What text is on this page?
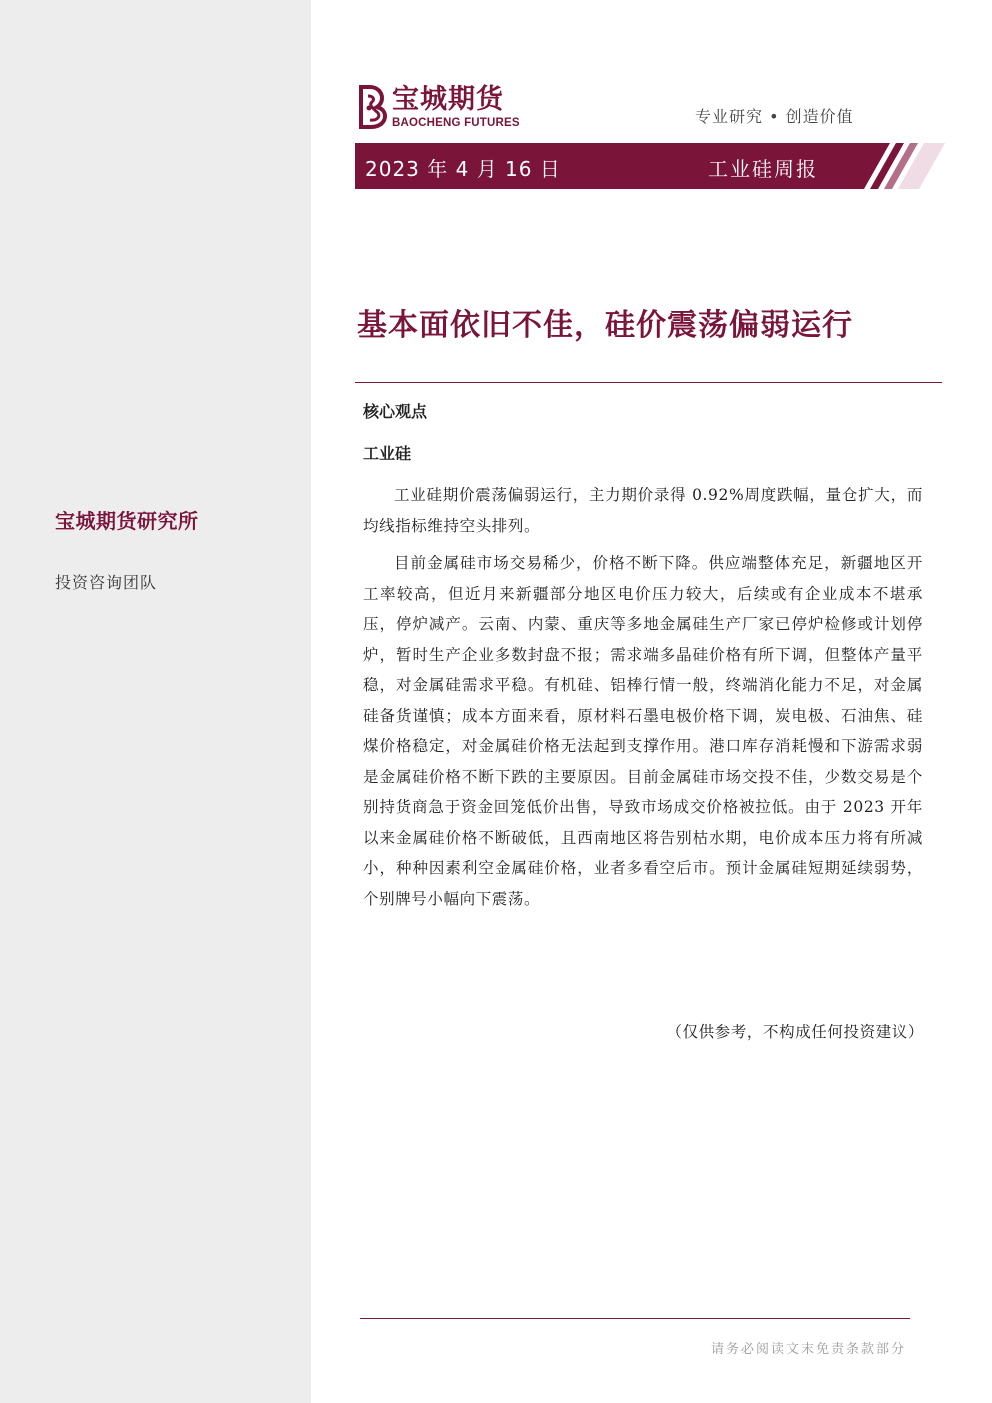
宝城期货研究所
投资咨询团队
宝城期货
BAOCHENG FUTURES	专业研究 • 创造价值
2023 年 4 月 16 日	工业硅周报
基本面依旧不佳，硅价震荡偏弱运行
核心观点
工业硅

工业硅期价震荡偏弱运行，主力期价录得 0.92%周度跌幅，量仓扩大，而均线指标维持空头排列。

目前金属硅市场交易稀少，价格不断下降。供应端整体充足，新疆地区开工率较高，但近月来新疆部分地区电价压力较大，后续或有企业成本不堪承压，停炉减产。云南、内蒙、重庆等多地金属硅生产厂家已停炉检修或计划停炉，暂时生产企业多数封盘不报；需求端多晶硅价格有所下调，但整体产量平稳，对金属硅需求平稳。有机硅、铝棒行情一般，终端消化能力不足，对金属硅备货谨慎；成本方面来看，原材料石墨电极价格下调，炭电极、石油焦、硅煤价格稳定，对金属硅价格无法起到支撑作用。港口库存消耗慢和下游需求弱是金属硅价格不断下跌的主要原因。目前金属硅市场交投不佳，少数交易是个别持货商急于资金回笼低价出售，导致市场成交价格被拉低。由于 2023 开年以来金属硅价格不断破低，且西南地区将告别枯水期，电价成本压力将有所减小，种种因素利空金属硅价格，业者多看空后市。预计金属硅短期延续弱势，个别牌号小幅向下震荡。

（仅供参考，不构成任何投资建议）
请务必阅读文末免责条款部分
